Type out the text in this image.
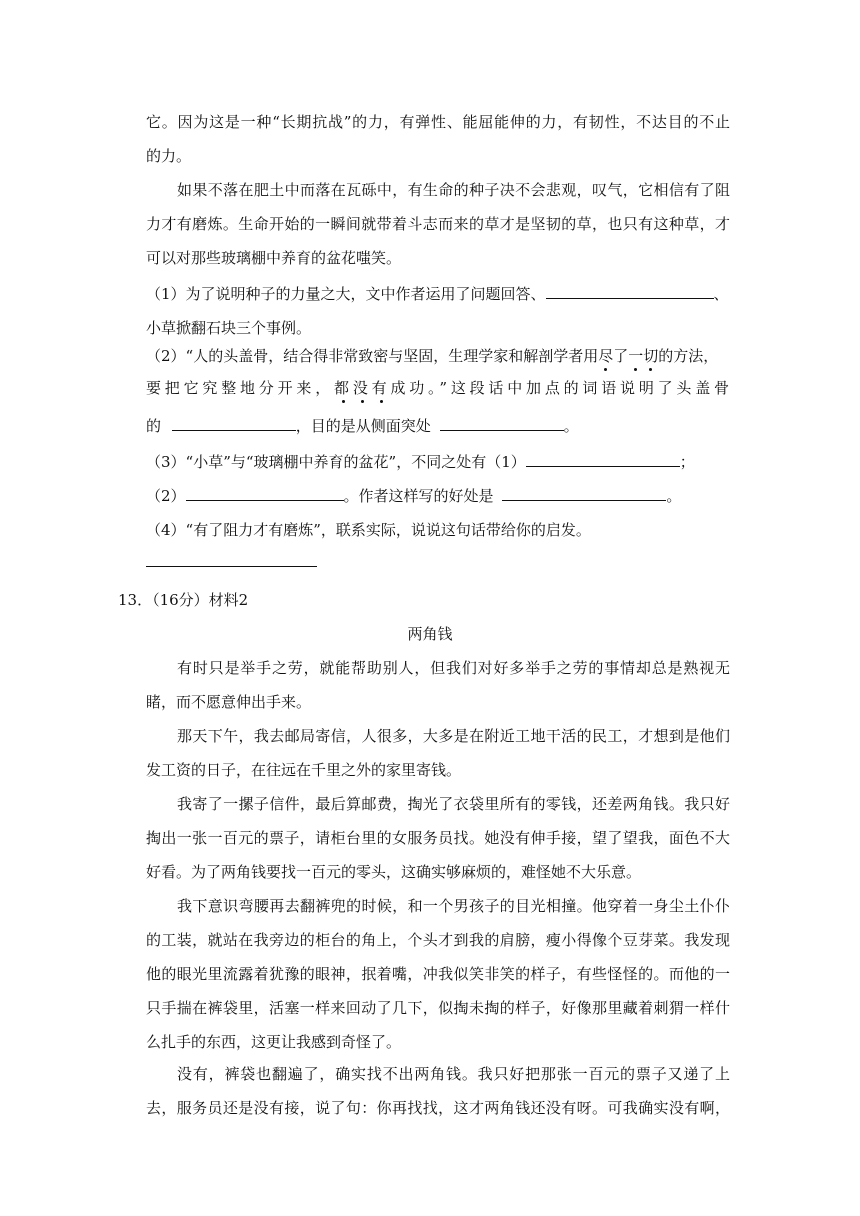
它。因为这是一种“长期抗战”的力，有弹性、能屈能伸的力，有韧性，不达目的不止
的力。
如果不落在肥土中而落在瓦砾中，有生命的种子决不会悲观，叹气，它相信有了阻
力才有磨炼。生命开始的一瞬间就带着斗志而来的草才是坚韧的草，也只有这种草，才
可以对那些玻璃棚中养育的盆花嗤笑。
（1）为了说明种子的力量之大，文中作者运用了问题回答、	、
小草掀翻石块三个事例。
（2）“人的头盖骨，结合得非常致密与坚固，生理学家和解剖学者用尽了一切的方法，
要把它究整地分开来，都没有成功。”这段话中加点的词语说明了头盖骨
的	，目的是从侧面突处	。
（3）“小草”与“玻璃棚中养育的盆花”，不同之处有（1）	；
（2）	。作者这样写的好处是	。
（4）“有了阻力才有磨炼”，联系实际，说说这句话带给你的启发。
13．（16分）材料2
两角钱
有时只是举手之劳，就能帮助别人，但我们对好多举手之劳的事情却总是熟视无
睹，而不愿意伸出手来。
那天下午，我去邮局寄信，人很多，大多是在附近工地干活的民工，才想到是他们
发工资的日子，在往远在千里之外的家里寄钱。
我寄了一摞子信件，最后算邮费，掏光了衣袋里所有的零钱，还差两角钱。我只好
掏出一张一百元的票子，请柜台里的女服务员找。她没有伸手接，望了望我，面色不大
好看。为了两角钱要找一百元的零头，这确实够麻烦的，难怪她不大乐意。
我下意识弯腰再去翻裤兜的时候，和一个男孩子的目光相撞。他穿着一身尘土仆仆
的工装，就站在我旁边的柜台的角上，个头才到我的肩膀，瘦小得像个豆芽菜。我发现
他的眼光里流露着犹豫的眼神，抿着嘴，冲我似笑非笑的样子，有些怪怪的。而他的一
只手揣在裤袋里，活塞一样来回动了几下，似掏未掏的样子，好像那里藏着刺猬一样什
么扎手的东西，这更让我感到奇怪了。
没有，裤袋也翻遍了，确实找不出两角钱。我只好把那张一百元的票子又递了上
去，服务员还是没有接，说了句：你再找找，这才两角钱还没有呀。可我确实没有啊，
